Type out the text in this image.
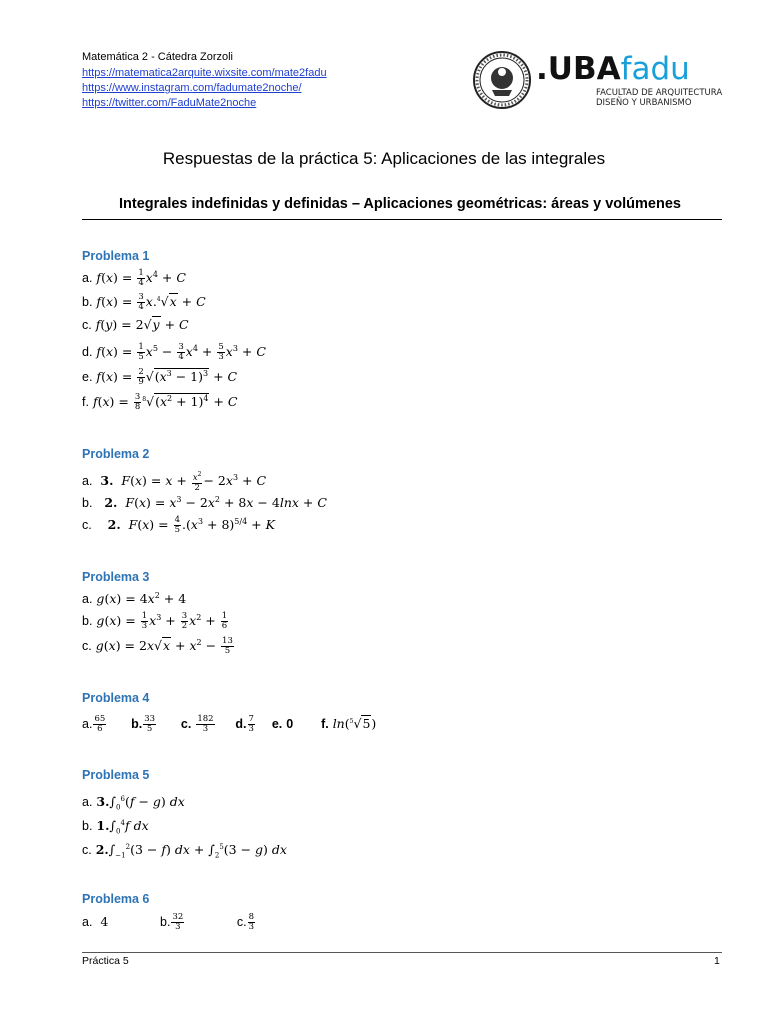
Matemática 2 - Cátedra Zorzoli
https://matematica2arquite.wixsite.com/mate2fadu
https://www.instagram.com/fadumate2noche/
https://twitter.com/FaduMate2noche
.UBAfadu
FACULTAD DE ARQUITECTURA
DISEÑO Y URBANISMO
Respuestas de la práctica 5: Aplicaciones de las integrales
Integrales indefinidas y definidas – Aplicaciones geométricas: áreas y volúmenes
Problema 1
a. $f(x) = \frac{1}{4} x^4 + C$
b. $f(x) = \frac{3}{4} x.^4√x + C$
c. f(y) = 2√y + C
d. $f(x) = \frac{1}{5} x^5 - \frac{3}{4} x^4 + \frac{5}{3} x^3 + C$
e. $f(x) = \frac{2}{9} √(x^3 - 1)^3 + C$
f. $f(x) = \frac{3}{8} ^8√(x^2 + 1)^4 + C$
Problema 2
a. 3. $F(x) = x + \frac{x^2}{2} - 2x^3 + C$
b. 2. $F(x) = x^3 - 2x^2 + 8x - 4\ln x + C$
c. 2. $F(x) = \frac{4}{5} .(x^3 + 8)^{5/4} + K$
Problema 3
a. $g(x) = 4x^2 + 4$
b. $g(x) = \frac{1}{3} x^3 + \frac{3}{2} x^2 + \frac{1}{6}$
c. $g(x) = 2x√x + x^2 - \frac{13}{5}$
Problema 4
a. $\frac{65}{6} b$. $\frac{33}{5} c$. $\frac{182}{3} d$. $\frac{7}{3} e$. 0 f. ln($^5$√5)
Problema 5
a. $3.\int_0^6(f - g)$ dx
b. $1.\int_0^4f$ dx
c. $2.\int_{-1}^2(3 - f)$ dx + $\int_2^5(3 - g)$ dx
Problema 6
a. 4	b. $\frac{32}{3}$	c. $\frac{8}{3}$
Práctica 5	1
